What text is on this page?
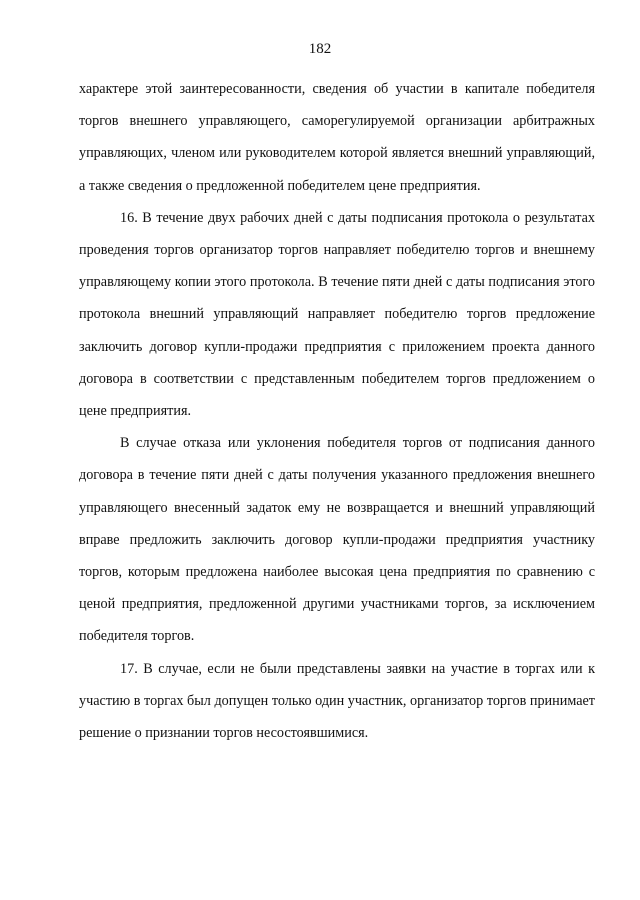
182

характере этой заинтересованности, сведения об участии в капитале победителя торгов внешнего управляющего, саморегулируемой организации арбитражных управляющих, членом или руководителем которой является внешний управляющий, а также сведения о предложенной победителем цене предприятия.

16. В течение двух рабочих дней с даты подписания протокола о результатах проведения торгов организатор торгов направляет победителю торгов и внешнему управляющему копии этого протокола. В течение пяти дней с даты подписания этого протокола внешний управляющий направляет победителю торгов предложение заключить договор купли-продажи предприятия с приложением проекта данного договора в соответствии с представленным победителем торгов предложением о цене предприятия.

В случае отказа или уклонения победителя торгов от подписания данного договора в течение пяти дней с даты получения указанного предложения внешнего управляющего внесенный задаток ему не возвращается и внешний управляющий вправе предложить заключить договор купли-продажи предприятия участнику торгов, которым предложена наиболее высокая цена предприятия по сравнению с ценой предприятия, предложенной другими участниками торгов, за исключением победителя торгов.

17. В случае, если не были представлены заявки на участие в торгах или к участию в торгах был допущен только один участник, организатор торгов принимает решение о признании торгов несостоявшимися.
